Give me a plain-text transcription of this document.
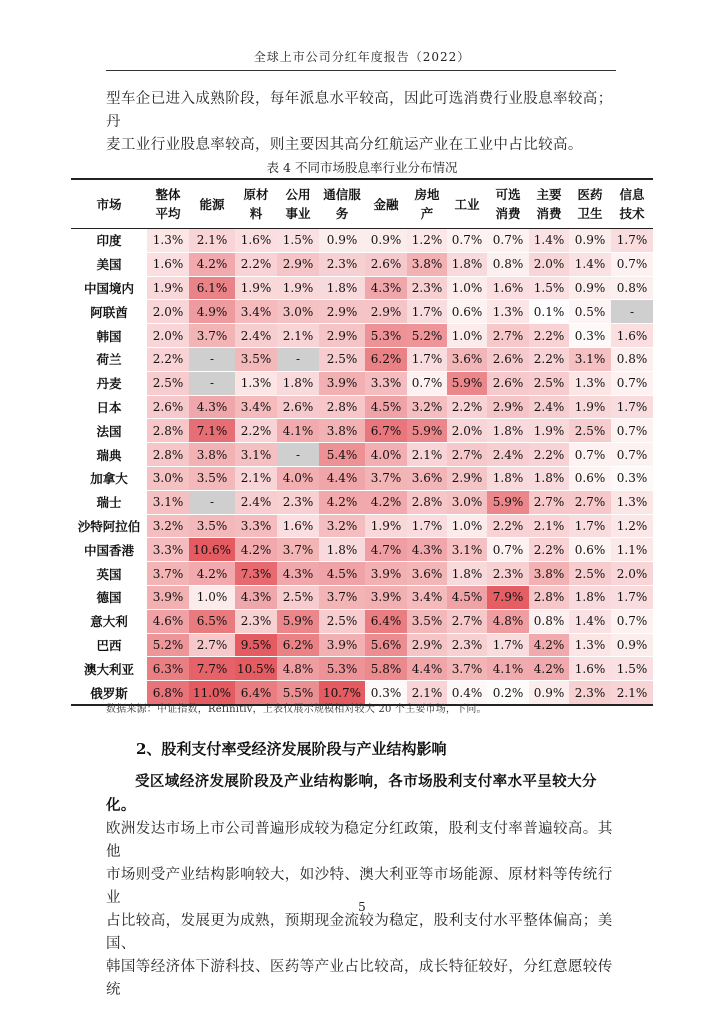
全球上市公司分红年度报告（2022）

型车企已进入成熟阶段，每年派息水平较高，因此可选消费行业股息率较高；丹

麦工业行业股息率较高，则主要因其高分红航运产业在工业中占比较高。

表 4 不同市场股息率行业分布情况
市场	整体平均	能源	原材料	公用事业	通信服务	金融	房地产	工业	可选消费	主要消费	医药卫生	信息技术
印度	1.3%	2.1%	1.6%	1.5%	0.9%	0.9%	1.2%	0.7%	0.7%	1.4%	0.9%	1.7%
美国	1.6%	4.2%	2.2%	2.9%	2.3%	2.6%	3.8%	1.8%	0.8%	2.0%	1.4%	0.7%
中国境内	1.9%	6.1%	1.9%	1.9%	1.8%	4.3%	2.3%	1.0%	1.6%	1.5%	0.9%	0.8%
阿联酋	2.0%	4.9%	3.4%	3.0%	2.9%	2.9%	1.7%	0.6%	1.3%	0.1%	0.5%	-
韩国	2.0%	3.7%	2.4%	2.1%	2.9%	5.3%	5.2%	1.0%	2.7%	2.2%	0.3%	1.6%
荷兰	2.2%	-	3.5%	-	2.5%	6.2%	1.7%	3.6%	2.6%	2.2%	3.1%	0.8%
丹麦	2.5%	-	1.3%	1.8%	3.9%	3.3%	0.7%	5.9%	2.6%	2.5%	1.3%	0.7%
日本	2.6%	4.3%	3.4%	2.6%	2.8%	4.5%	3.2%	2.2%	2.9%	2.4%	1.9%	1.7%
法国	2.8%	7.1%	2.2%	4.1%	3.8%	6.7%	5.9%	2.0%	1.8%	1.9%	2.5%	0.7%
瑞典	2.8%	3.8%	3.1%	-	5.4%	4.0%	2.1%	2.7%	2.4%	2.2%	0.7%	0.7%
加拿大	3.0%	3.5%	2.1%	4.0%	4.4%	3.7%	3.6%	2.9%	1.8%	1.8%	0.6%	0.3%
瑞士	3.1%	-	2.4%	2.3%	4.2%	4.2%	2.8%	3.0%	5.9%	2.7%	2.7%	1.3%
沙特阿拉伯	3.2%	3.5%	3.3%	1.6%	3.2%	1.9%	1.7%	1.0%	2.2%	2.1%	1.7%	1.2%
中国香港	3.3%	10.6%	4.2%	3.7%	1.8%	4.7%	4.3%	3.1%	0.7%	2.2%	0.6%	1.1%
英国	3.7%	4.2%	7.3%	4.3%	4.5%	3.9%	3.6%	1.8%	2.3%	3.8%	2.5%	2.0%
德国	3.9%	1.0%	4.3%	2.5%	3.7%	3.9%	3.4%	4.5%	7.9%	2.8%	1.8%	1.7%
意大利	4.6%	6.5%	2.3%	5.9%	2.5%	6.4%	3.5%	2.7%	4.8%	0.8%	1.4%	0.7%
巴西	5.2%	2.7%	9.5%	6.2%	3.9%	5.6%	2.9%	2.3%	1.7%	4.2%	1.3%	0.9%
澳大利亚	6.3%	7.7%	10.5%	4.8%	5.3%	5.8%	4.4%	3.7%	4.1%	4.2%	1.6%	1.5%
俄罗斯	6.8%	11.0%	6.4%	5.5%	10.7%	0.3%	2.1%	0.4%	0.2%	0.9%	2.3%	2.1%
数据来源：中证指数，Refinitiv，上表仅展示规模相对较大 20 个主要市场，下同。
2、股利支付率受经济发展阶段与产业结构影响

受区域经济发展阶段及产业结构影响，各市场股利支付率水平呈较大分化。

欧洲发达市场上市公司普遍形成较为稳定分红政策，股利支付率普遍较高。其他

市场则受产业结构影响较大，如沙特、澳大利亚等市场能源、原材料等传统行业

占比较高，发展更为成熟，预期现金流较为稳定，股利支付水平整体偏高；美国、

韩国等经济体下游科技、医药等产业占比较高，成长特征较好，分红意愿较传统

5
